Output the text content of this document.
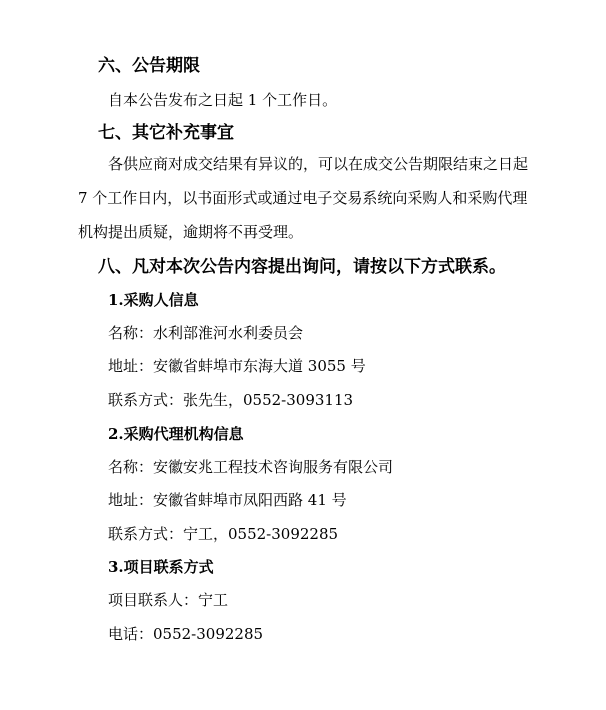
六、公告期限
自本公告发布之日起 1 个工作日。
七、其它补充事宜
各供应商对成交结果有异议的，可以在成交公告期限结束之日起
7 个工作日内，以书面形式或通过电子交易系统向采购人和采购代理
机构提出质疑，逾期将不再受理。
八、凡对本次公告内容提出询问，请按以下方式联系。
1.采购人信息
名称：水利部淮河水利委员会
地址：安徽省蚌埠市东海大道 3055 号
联系方式：张先生，0552-3093113
2.采购代理机构信息
名称：安徽安兆工程技术咨询服务有限公司
地址：安徽省蚌埠市凤阳西路 41 号
联系方式：宁工，0552-3092285
3.项目联系方式
项目联系人：宁工
电话：0552-3092285
